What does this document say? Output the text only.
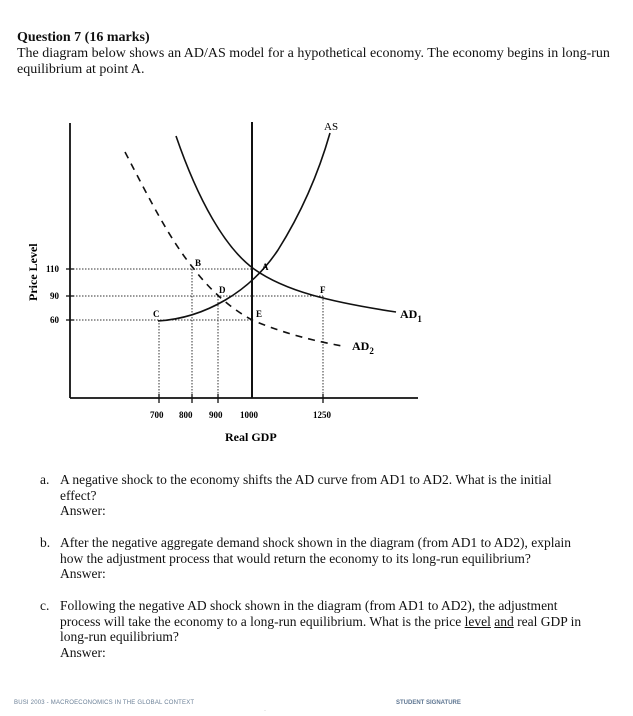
Question 7 (16 marks)
The diagram below shows an AD/AS model for a hypothetical economy. The economy begins in long-run equilibrium at point A.
AS
$AD_1$
$AD_2$
A
B
C
D
E
F
110
90
60
700 800 900 1000	1250
Real GDP
Price Level
a. A negative shock to the economy shifts the AD curve from AD1 to AD2. What is the initial
effect?
Answer:
b. After the negative aggregate demand shock shown in the diagram (from AD1 to AD2), explain
how the adjustment process that would return the economy to its long-run equilibrium?
Answer:
c. Following the negative AD shock shown in the diagram (from AD1 to AD2), the adjustment
process will take the economy to a long-run equilibrium. What is the price level and real GDP in
long-run equilibrium?
Answer:
BUSI 2003 - MACROECONOMICS IN THE GLOBAL CONTEXT
·
STUDENT SIGNATURE
